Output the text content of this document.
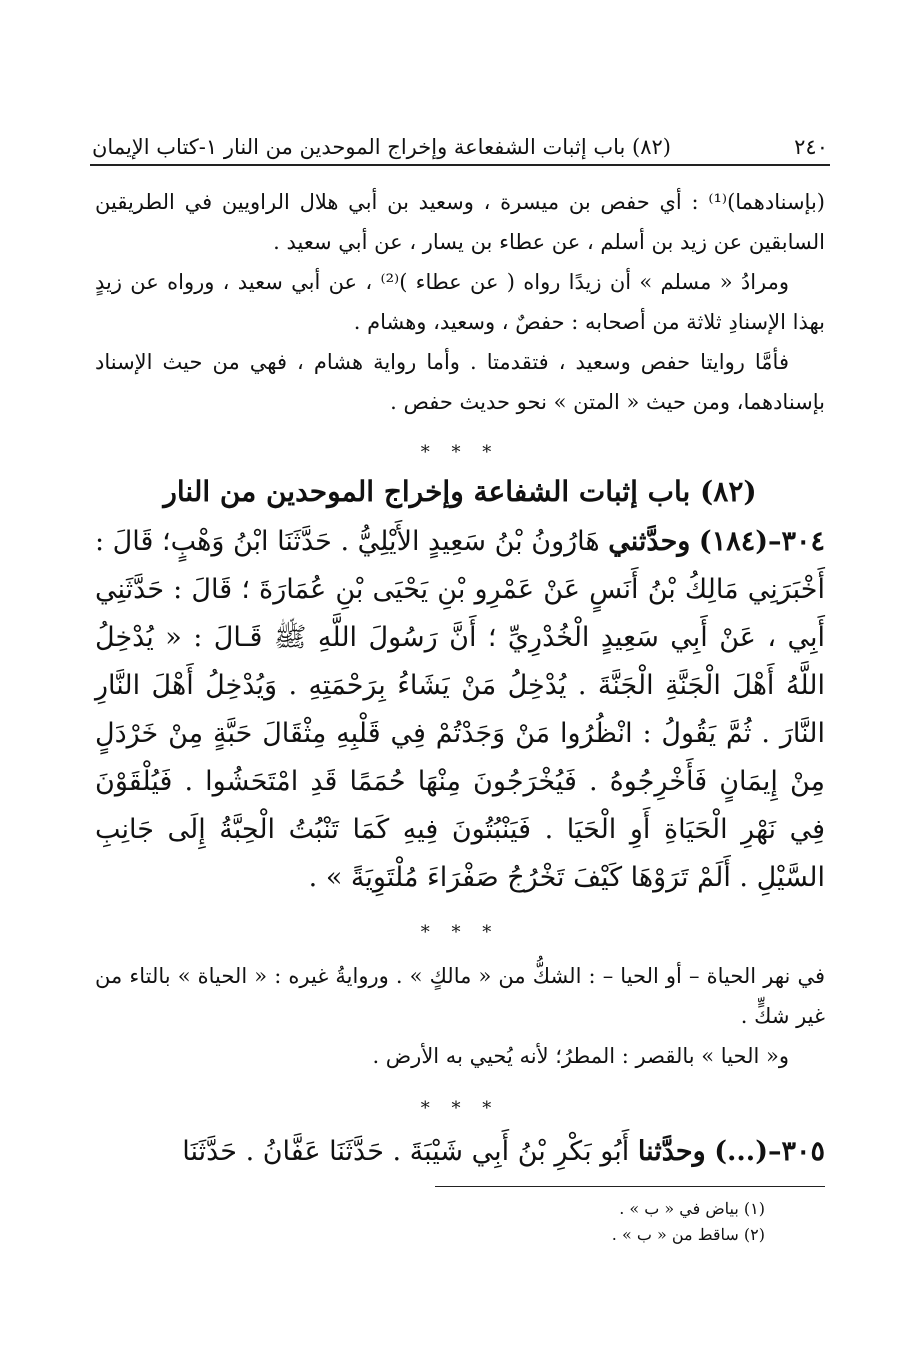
٢٤٠
(٨٢) باب إثبات الشفعاعة وإخراج الموحدين من النار ١-كتاب الإيمان

(بإسنادهما)⁽¹⁾ : أي حفص بن ميسرة ، وسعيد بن أبي هلال الراويين في الطريقين السابقين عن زيد بن أسلم ، عن عطاء بن يسار ، عن أبي سعيد .

ومرادُ « مسلم » أن زيدًا رواه ( عن عطاء )⁽²⁾ ، عن أبي سعيد ، ورواه عن زيدٍ بهذا الإسنادِ ثلاثة من أصحابه : حفصٌ ، وسعيد، وهشام .

فأمَّا روايتا حفص وسعيد ، فتقدمتا . وأما رواية هشام ، فهي من حيث الإسناد بإسنادهما، ومن حيث « المتن » نحو حديث حفص .

* * *

(٨٢) باب إثبات الشفاعة وإخراج الموحدين من النار

٣٠٤–(١٨٤) وحدَّثني هَارُونُ بْنُ سَعِيدٍ الأَيْلِيُّ . حَدَّثَنَا ابْنُ وَهْبٍ؛ قَالَ : أَخْبَرَنِي مَالِكُ بْنُ أَنَسٍ عَنْ عَمْرِو بْنِ يَحْيَى بْنِ عُمَارَةَ ؛ قَالَ : حَدَّثَنِي أَبِي ، عَنْ أَبِي سَعِيدٍ الْخُدْرِيِّ ؛ أَنَّ رَسُولَ اللَّهِ ﷺ قَـالَ : « يُدْخِلُ اللَّهُ أَهْلَ الْجَنَّةِ الْجَنَّةَ . يُدْخِلُ مَنْ يَشَاءُ بِرَحْمَتِهِ . وَيُدْخِلُ أَهْلَ النَّارِ النَّارَ . ثُمَّ يَقُولُ : انْظُرُوا مَنْ وَجَدْتُمْ فِي قَلْبِهِ مِثْقَالَ حَبَّةٍ مِنْ خَرْدَلٍ مِنْ إِيمَانٍ فَأَخْرِجُوهُ . فَيُخْرَجُونَ مِنْهَا حُمَمًا قَدِ امْتَحَشُوا . فَيُلْقَوْنَ فِي نَهْرِ الْحَيَاةِ أَوِ الْحَيَا . فَيَنْبُتُونَ فِيهِ كَمَا تَنْبُتُ الْحِبَّةُ إِلَى جَانِبِ السَّيْلِ . أَلَمْ تَرَوْهَا كَيْفَ تَخْرُجُ صَفْرَاءَ مُلْتَوِيَةً » .

* * *

في نهر الحياة – أو الحيا – : الشكُّ من « مالكٍ » . وروايةُ غيره : « الحياة » بالتاء من غير شكٍّ .

و« الحيا » بالقصر : المطرُ؛ لأنه يُحيي به الأرض .

* * *

٣٠٥–(...) وحدَّثنا أَبُو بَكْرِ بْنُ أَبِي شَيْبَةَ . حَدَّثَنَا عَفَّانُ . حَدَّثَنَا

(١) بياض في « ب » .
(٢) ساقط من « ب » .
